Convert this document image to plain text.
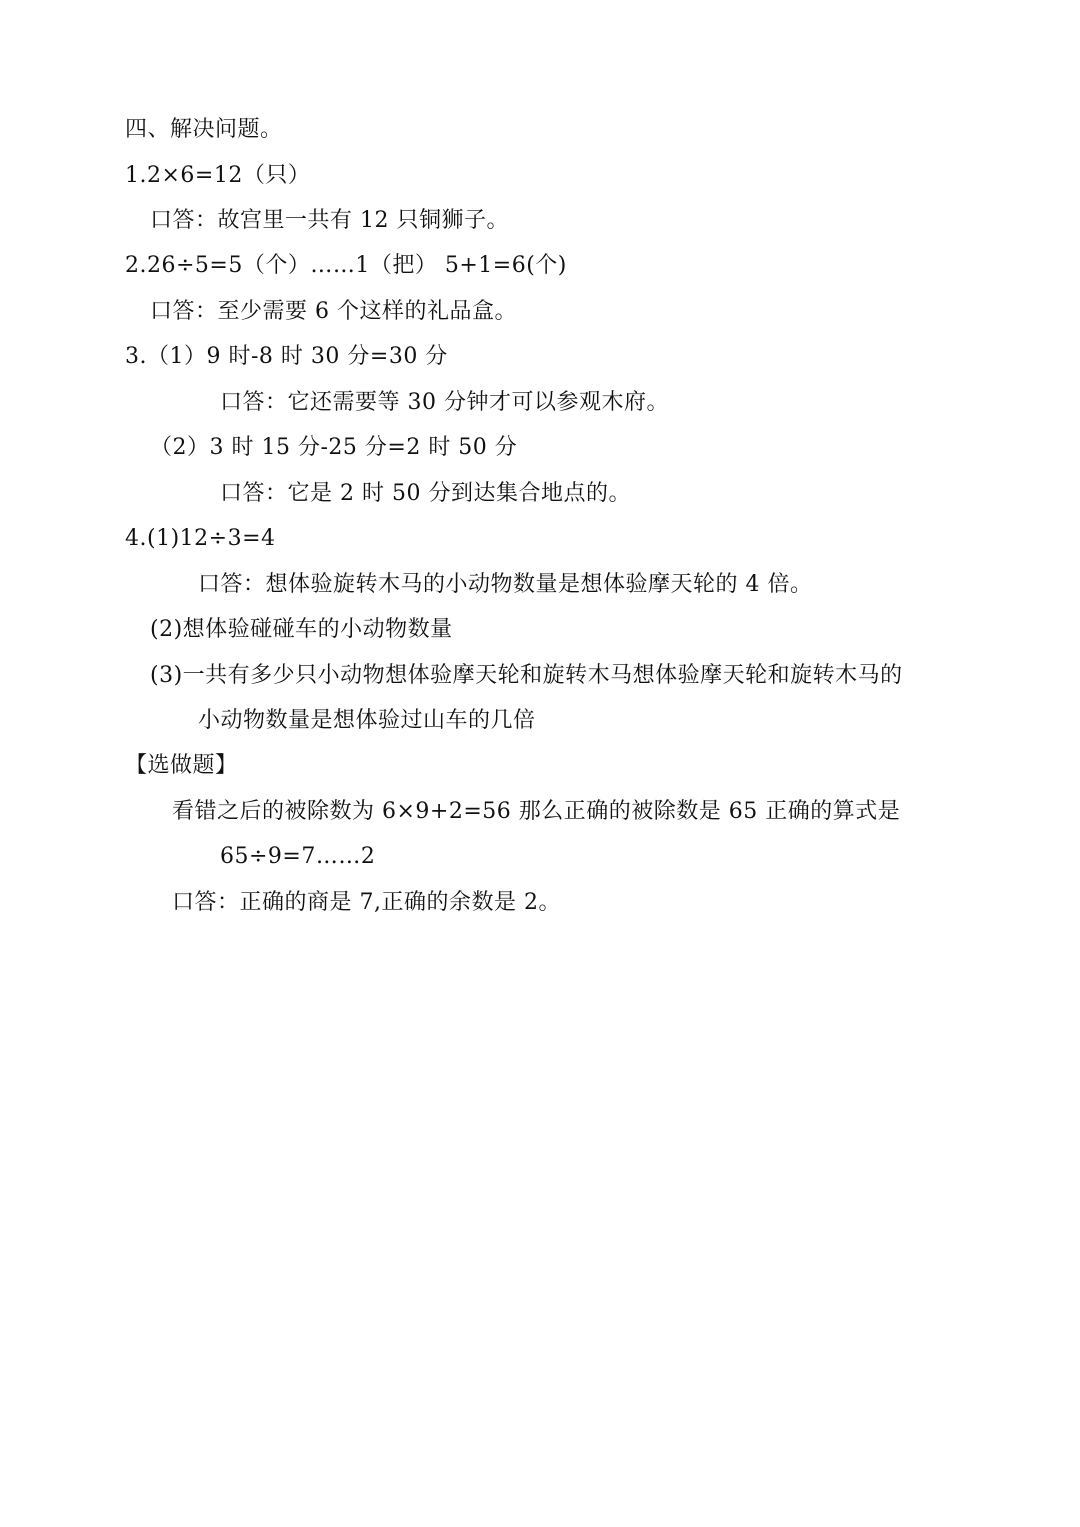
四、解决问题。
1.2×6=12（只）
口答：故宫里一共有 12 只铜狮子。
2.26÷5=5（个）……1（把） 5+1=6(个)
口答：至少需要 6 个这样的礼品盒。
3.（1）9 时-8 时 30 分=30 分
口答：它还需要等 30 分钟才可以参观木府。
（2）3 时 15 分-25 分=2 时 50 分
口答：它是 2 时 50 分到达集合地点的。
4.(1)12÷3=4
口答：想体验旋转木马的小动物数量是想体验摩天轮的 4 倍。
(2)想体验碰碰车的小动物数量
(3)一共有多少只小动物想体验摩天轮和旋转木马想体验摩天轮和旋转木马的
小动物数量是想体验过山车的几倍
【选做题】
看错之后的被除数为 6×9+2=56 那么正确的被除数是 65 正确的算式是
65÷9=7……2
口答：正确的商是 7,正确的余数是 2。
